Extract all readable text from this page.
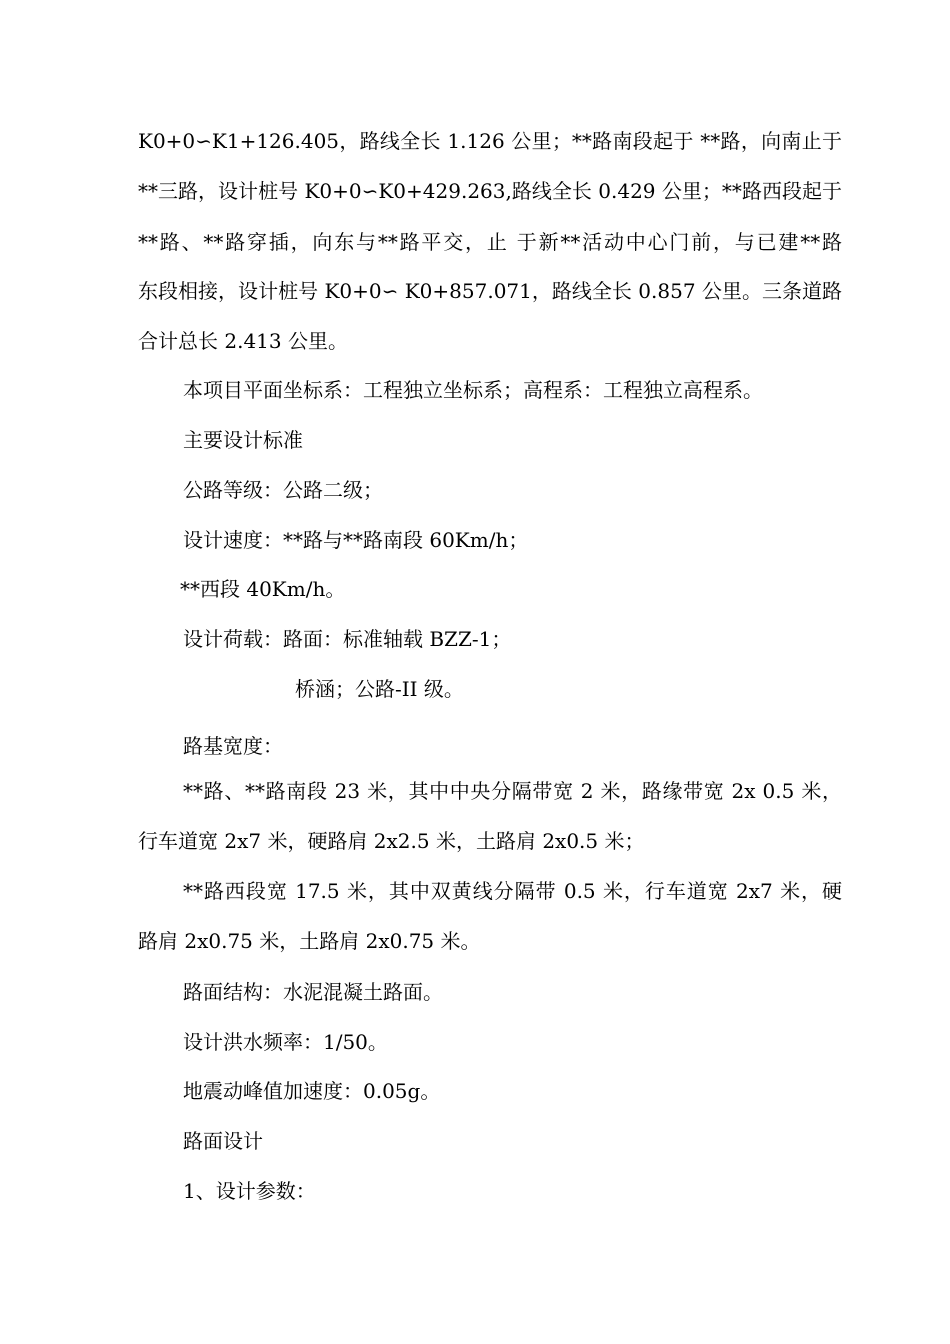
K0+0∽K1+126.405，路线全长 1.126 公里；**路南段起于 **路，向南止于
**三路，设计桩号 K0+0∽K0+429.263,路线全长 0.429 公里；**路西段起于
**路、**路穿插，向东与**路平交，止 于新**活动中心门前，与已建**路
东段相接，设计桩号 K0+0∽ K0+857.071，路线全长 0.857 公里。三条道路
合计总长 2.413 公里。
本项目平面坐标系：工程独立坐标系；高程系：工程独立高程系。
主要设计标准
公路等级：公路二级；
设计速度：**路与**路南段 60Km/h；
**西段 40Km/h。
设计荷载：路面：标准轴载 BZZ-1；
桥涵；公路-II 级。
路基宽度：
**路、**路南段 23 米，其中中央分隔带宽 2 米，路缘带宽 2x 0.5 米，
行车道宽 2x7 米，硬路肩 2x2.5 米，土路肩 2x0.5 米；
**路西段宽 17.5 米，其中双黄线分隔带 0.5 米，行车道宽 2x7 米，硬
路肩 2x0.75 米，土路肩 2x0.75 米。
路面结构：水泥混凝土路面。
设计洪水频率：1/50。
地震动峰值加速度：0.05g。
路面设计
1、设计参数：
